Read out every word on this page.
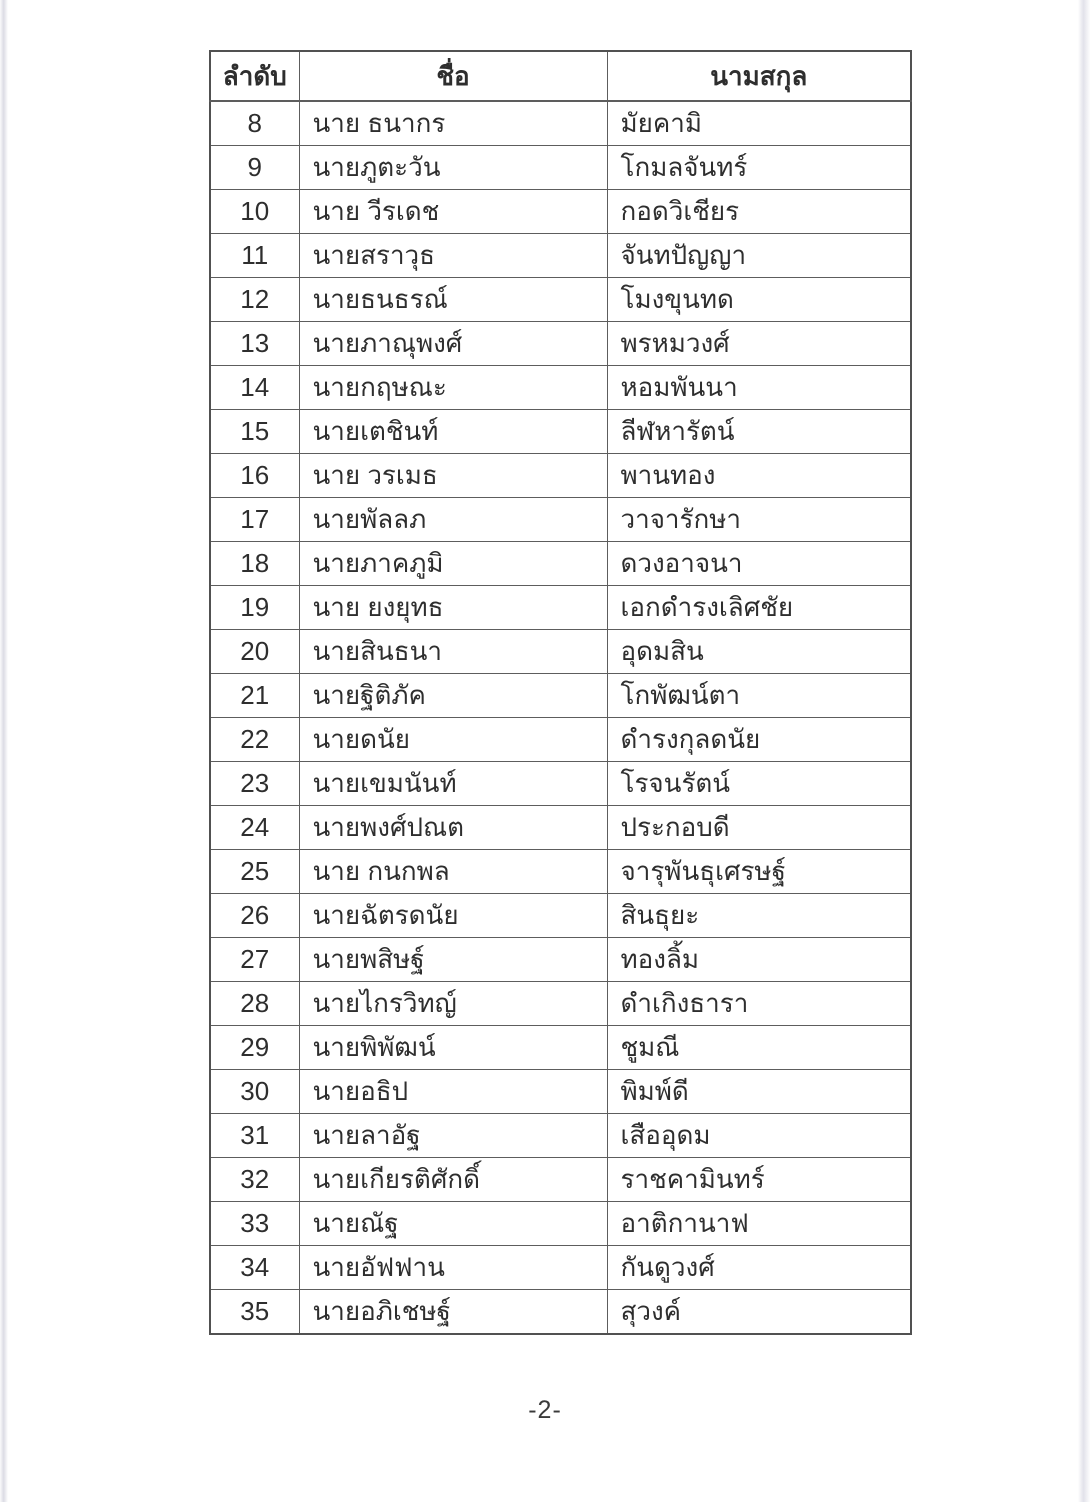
ลำดับ	ชื่อ	นามสกุล
8	นาย ธนากร	มัยคามิ
9	นายภูตะวัน	โกมลจันทร์
10	นาย วีรเดช	กอดวิเชียร
11	นายสราวุธ	จันทปัญญา
12	นายธนธรณ์	โมงขุนทด
13	นายภาณุพงศ์	พรหมวงศ์
14	นายกฤษณะ	หอมพันนา
15	นายเตชินท์	ลีฬหารัตน์
16	นาย วรเมธ	พานทอง
17	นายพัลลภ	วาจารักษา
18	นายภาคภูมิ	ดวงอาจนา
19	นาย ยงยุทธ	เอกดำรงเลิศชัย
20	นายสินธนา	อุดมสิน
21	นายฐิติภัค	โกพัฒน์ตา
22	นายดนัย	ดำรงกุลดนัย
23	นายเขมนันท์	โรจนรัตน์
24	นายพงศ์ปณต	ประกอบดี
25	นาย กนกพล	จารุพันธุเศรษฐ์
26	นายฉัตรดนัย	สินธุยะ
27	นายพสิษฐ์	ทองลิ้ม
28	นายไกรวิทญ์	ดำเกิงธารา
29	นายพิพัฒน์	ชูมณี
30	นายอธิป	พิมพ์ดี
31	นายลาอัฐ	เสืออุดม
32	นายเกียรติศักดิ์	ราชคามินทร์
33	นายณัฐ	อาติกานาฟ
34	นายอัฟฟาน	กันดูวงศ์
35	นายอภิเชษฐ์	สุวงค์
-2-
